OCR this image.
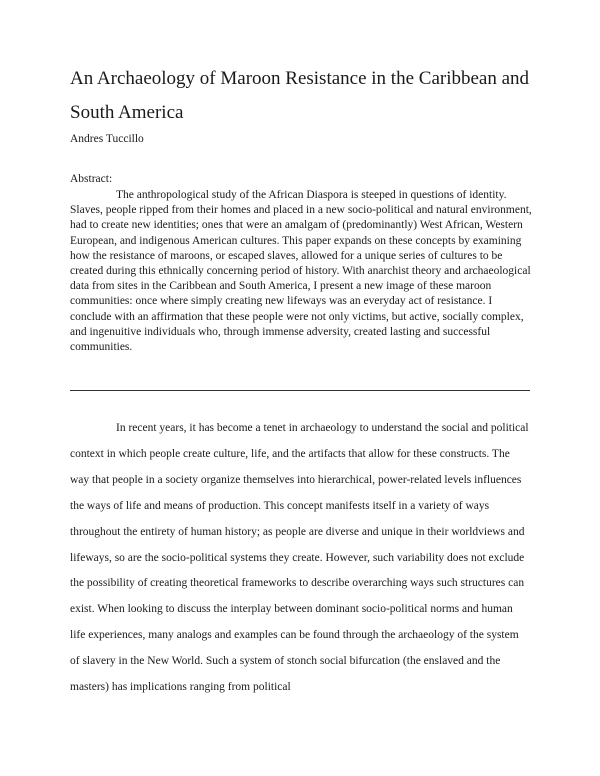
An Archaeology of Maroon Resistance in the Caribbean and South America

Andres Tuccillo

Abstract:

The anthropological study of the African Diaspora is steeped in questions of identity. Slaves, people ripped from their homes and placed in a new socio-political and natural environment, had to create new identities; ones that were an amalgam of (predominantly) West African, Western European, and indigenous American cultures. This paper expands on these concepts by examining how the resistance of maroons, or escaped slaves, allowed for a unique series of cultures to be created during this ethnically concerning period of history. With anarchist theory and archaeological data from sites in the Caribbean and South America, I present a new image of these maroon communities: once where simply creating new lifeways was an everyday act of resistance. I conclude with an affirmation that these people were not only victims, but active, socially complex, and ingenuitive individuals who, through immense adversity, created lasting and successful communities.

In recent years, it has become a tenet in archaeology to understand the social and political context in which people create culture, life, and the artifacts that allow for these constructs. The way that people in a society organize themselves into hierarchical, power-related levels influences the ways of life and means of production. This concept manifests itself in a variety of ways throughout the entirety of human history; as people are diverse and unique in their worldviews and lifeways, so are the socio-political systems they create. However, such variability does not exclude the possibility of creating theoretical frameworks to describe overarching ways such structures can exist. When looking to discuss the interplay between dominant socio-political norms and human life experiences, many analogs and examples can be found through the archaeology of the system of slavery in the New World. Such a system of stonch social bifurcation (the enslaved and the masters) has implications ranging from political
